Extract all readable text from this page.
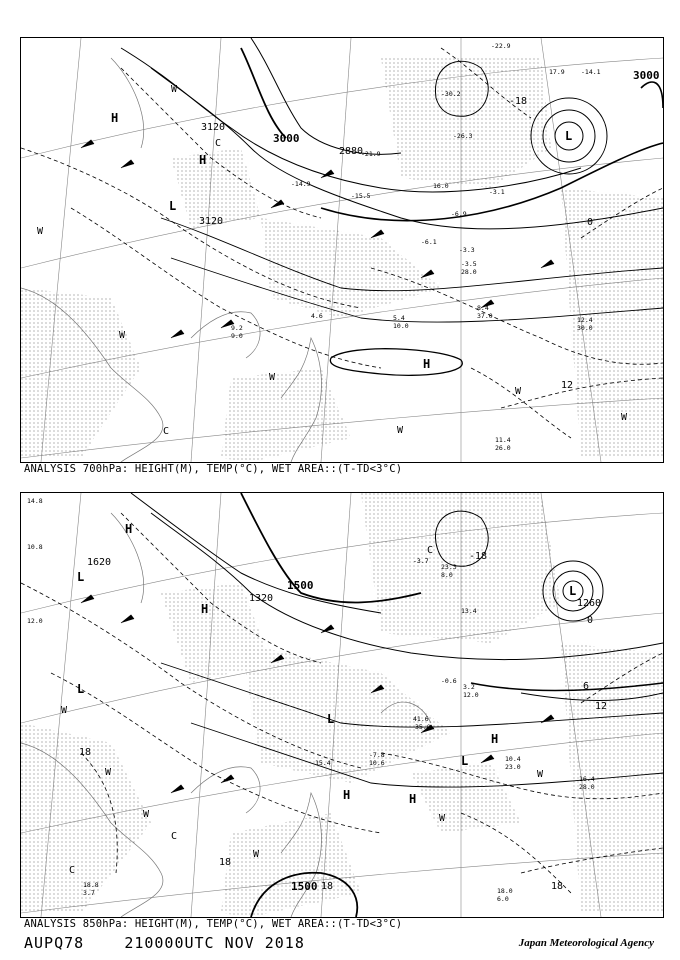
3120
3120
3000
3000
2880
0
12
-18
H
H
L
L
H
W
W
W
W
W
W
W
C
C
-22.9
-30.2
-26.3
-21.9
-14.9
-15.5
-6.9
-3.3
8.4
37.0	12.4
30.0
9.2
9.0
5.4
10.0
11.4
26.0
-6.1
-3.5
28.0
17.9	-14.1
-3.1
4.6
16.0
ANALYSIS 700hPa: HEIGHT(M), TEMP(°C), WET AREA::(T-TD<3°C)
1620
1500
1500
1260
1320
18
18
12
6
0
-18
18
18
H
H
L
L
L
L
H
H	H
L
W
W
W
W
W
W
C
C
C
14.8
10.8
12.0
-3.7
23.3
8.0
41.6
35.0
10.4
23.0
16.4
28.0
18.0
6.0
15.4
-7.8
10.6
3.2
12.0
-0.6
13.4
18.8
3.7
ANALYSIS 850hPa: HEIGHT(M), TEMP(°C), WET AREA::(T-TD<3°C)
AUPQ78	210000UTC NOV 2018	Japan Meteorological Agency
